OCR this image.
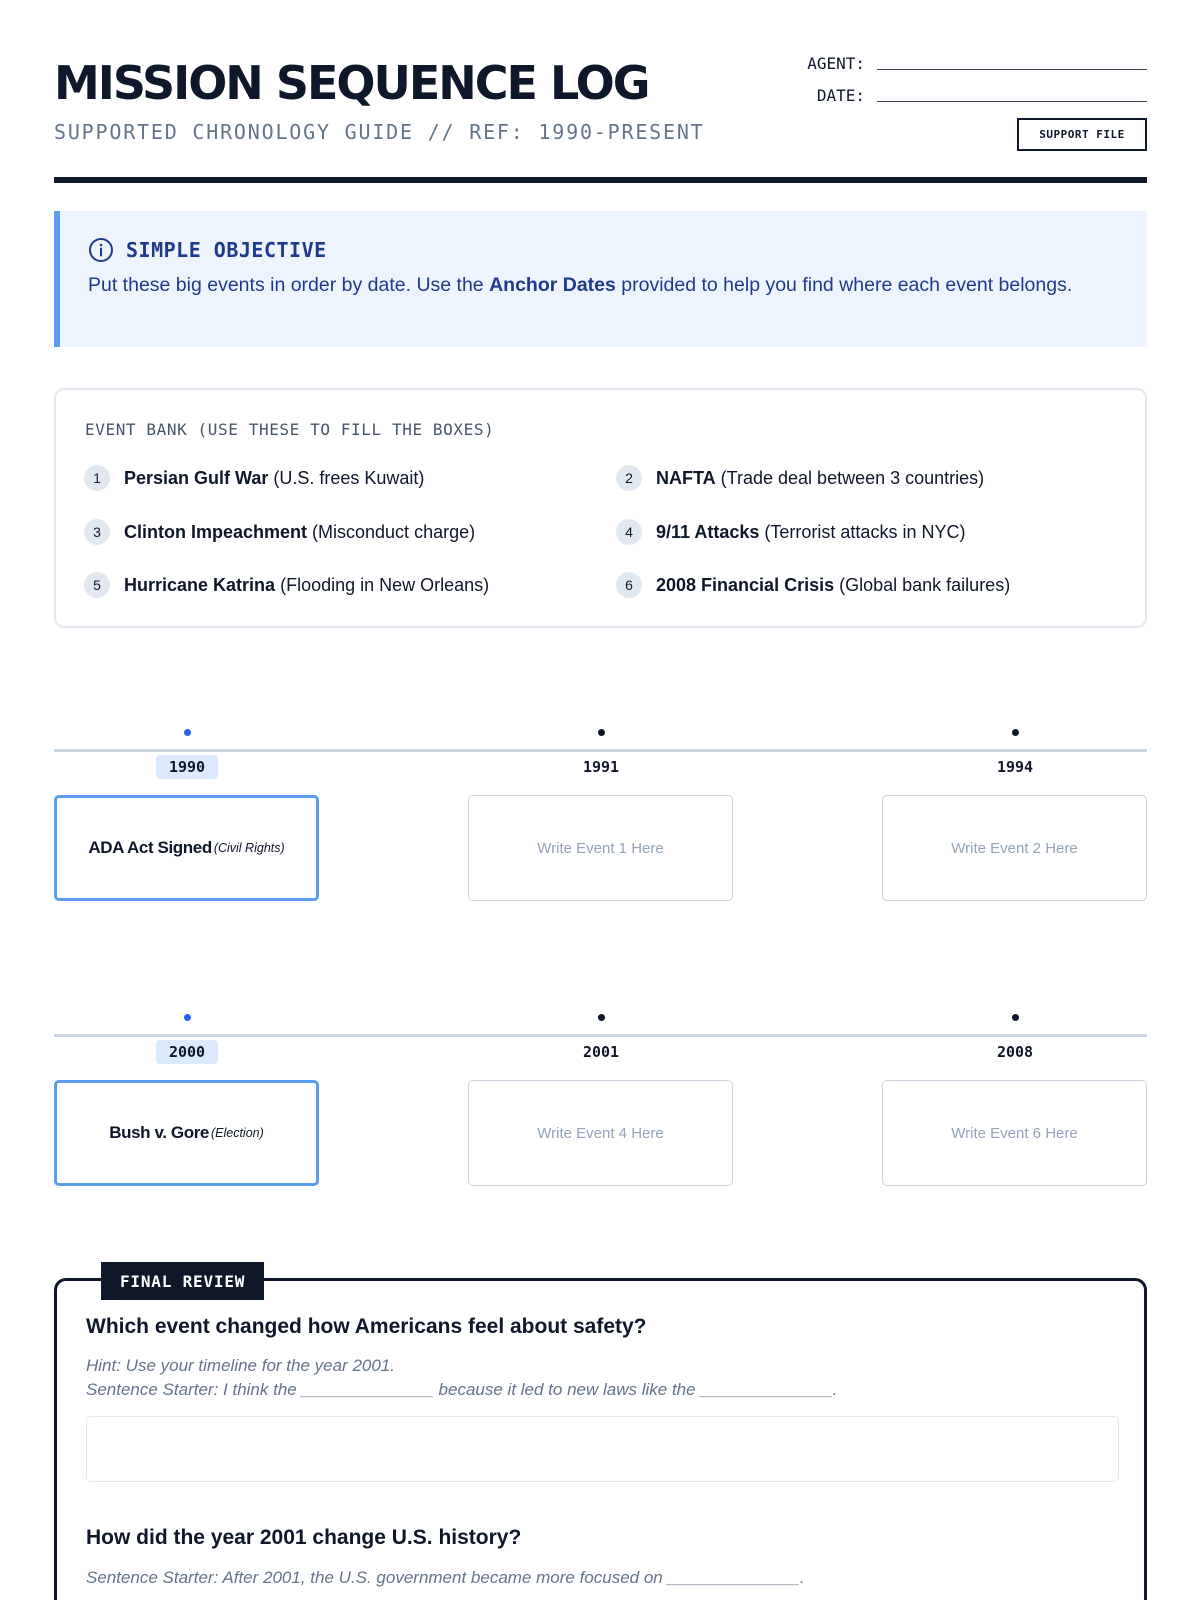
MISSION SEQUENCE LOG
SUPPORTED CHRONOLOGY GUIDE // REF: 1990-PRESENT
AGENT:
DATE:
SUPPORT FILE
SIMPLE OBJECTIVE

Put these big events in order by date. Use the Anchor Dates provided to help you find where each event belongs.

EVENT BANK (USE THESE TO FILL THE BOXES)
1	Persian Gulf War (U.S. frees Kuwait)	2	NAFTA (Trade deal between 3 countries)
3	Clinton Impeachment (Misconduct charge)	4	9/11 Attacks (Terrorist attacks in NYC)
5	Hurricane Katrina (Flooding in New Orleans)	6	2008 Financial Crisis (Global bank failures)
1990	1991	1994
ADA Act Signed (Civil Rights)	Write Event 1 Here	Write Event 2 Here
2000	2001	2008
Bush v. Gore (Election)	Write Event 4 Here	Write Event 6 Here
FINAL REVIEW
Which event changed how Americans feel about safety?
Hint: Use your timeline for the year 2001.
Sentence Starter: I think the ______________ because it led to new laws like the ______________.
How did the year 2001 change U.S. history?
Sentence Starter: After 2001, the U.S. government became more focused on ______________.
